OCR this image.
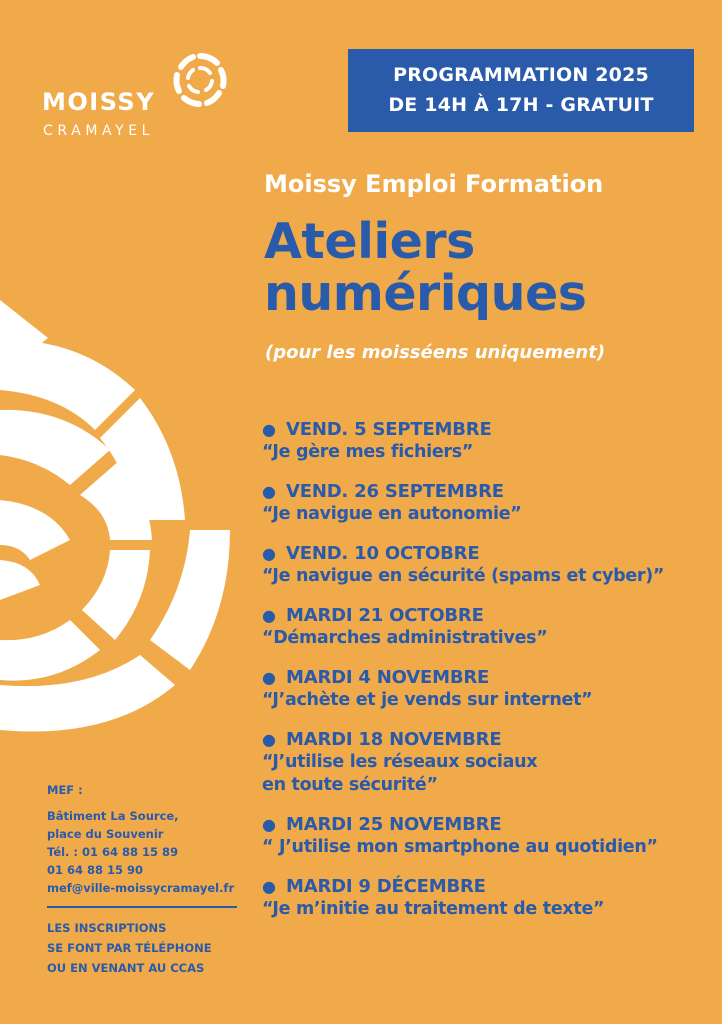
MOISSY
CRAMAYEL
PROGRAMMATION 2025
DE 14H À 17H - GRATUIT
Moissy Emploi Formation
Ateliers
numériques
(pour les moisséens uniquement)
● VEND. 5 SEPTEMBRE
“Je gère mes fichiers”
● VEND. 26 SEPTEMBRE
“Je navigue en autonomie”
● VEND. 10 OCTOBRE
“Je navigue en sécurité (spams et cyber)”
● MARDI 21 OCTOBRE
“Démarches administratives”
● MARDI 4 NOVEMBRE
“J’achète et je vends sur internet”
● MARDI 18 NOVEMBRE
“J’utilise les réseaux sociaux
en toute sécurité”
● MARDI 25 NOVEMBRE
“ J’utilise mon smartphone au quotidien”
● MARDI 9 DÉCEMBRE
“Je m’initie au traitement de texte”
MEF :
Bâtiment La Source,
place du Souvenir
Tél. : 01 64 88 15 89
01 64 88 15 90
mef@ville-moissycramayel.fr
LES INSCRIPTIONS
SE FONT PAR TÉLÉPHONE
OU EN VENANT AU CCAS
